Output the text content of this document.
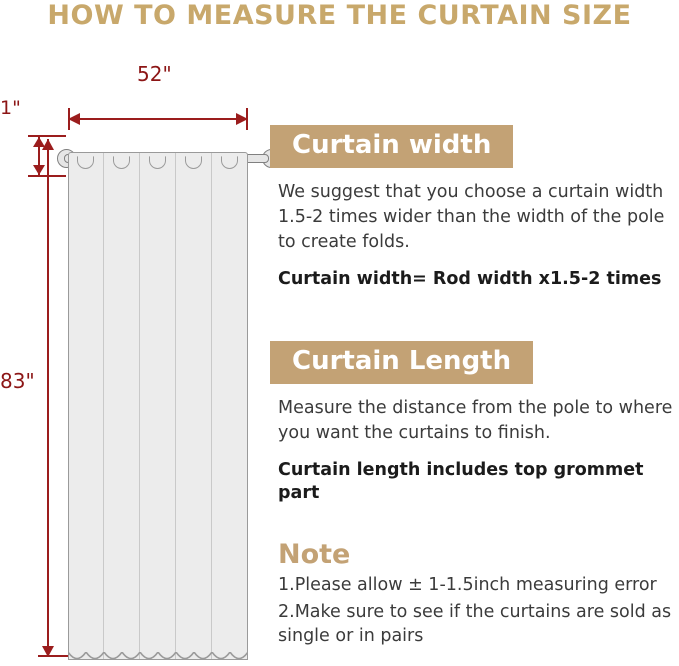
HOW TO MEASURE THE CURTAIN SIZE
52"
1"
83"
Curtain width

We suggest that you choose a curtain width 1.5-2 times wider than the width of the pole to create folds.

Curtain width= Rod width x1.5-2 times

Curtain Length

Measure the distance from the pole to where you want the curtains to finish.

Curtain length includes top grommet part

Note

1.Please allow ± 1-1.5inch measuring error

2.Make sure to see if the curtains are sold as single or in pairs
